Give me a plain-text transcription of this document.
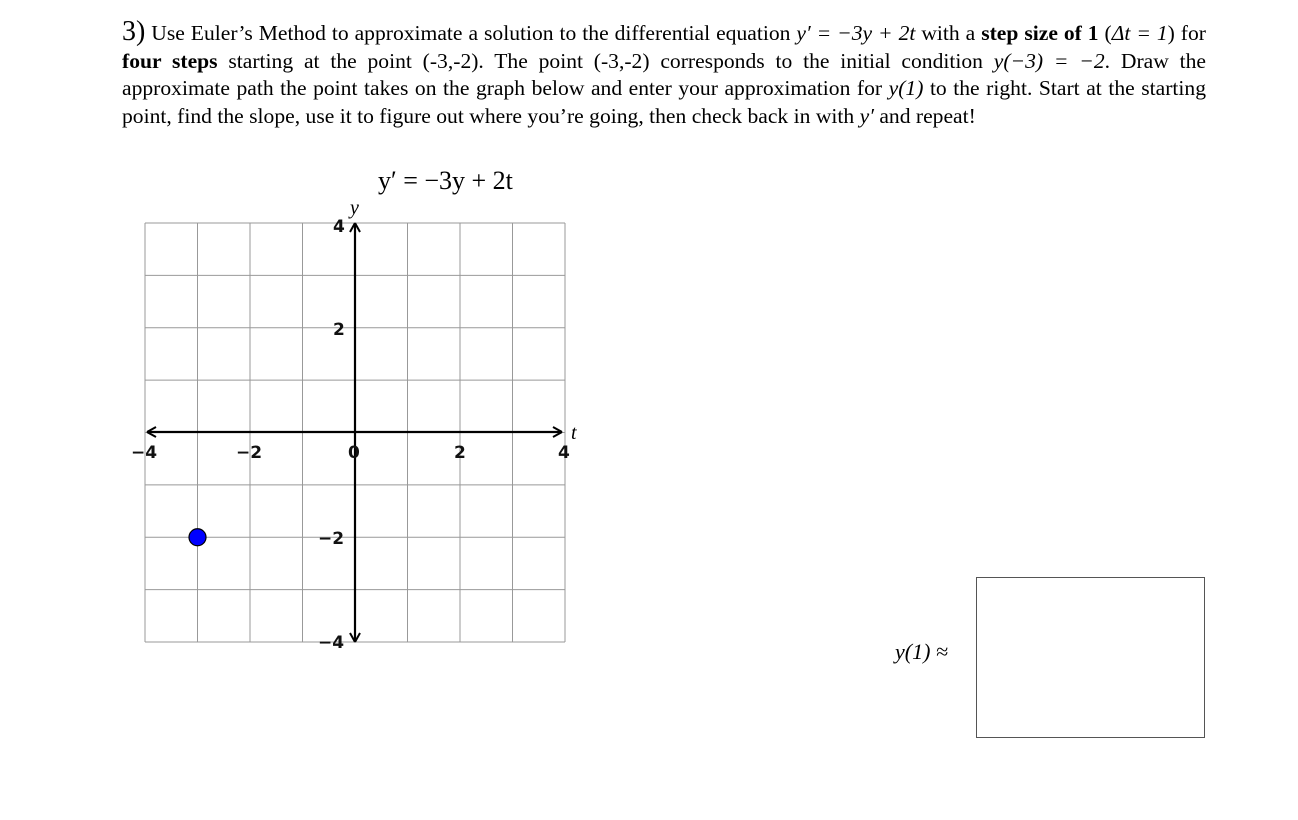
3) Use Euler’s Method to approximate a solution to the differential equation y′ = −3y + 2t with a step size of 1 (Δt = 1) for four steps starting at the point (-3,-2). The point (-3,-2) corresponds to the initial condition y(−3) = −2. Draw the approximate path the point takes on the graph below and enter your approximation for y(1) to the right. Start at the starting point, find the slope, use it to figure out where you’re going, then check back in with y′ and repeat!
y′ = −3y + 2t
y
t
−4	−2	0	2	4
4
2
−2
−4	y(1) ≈
